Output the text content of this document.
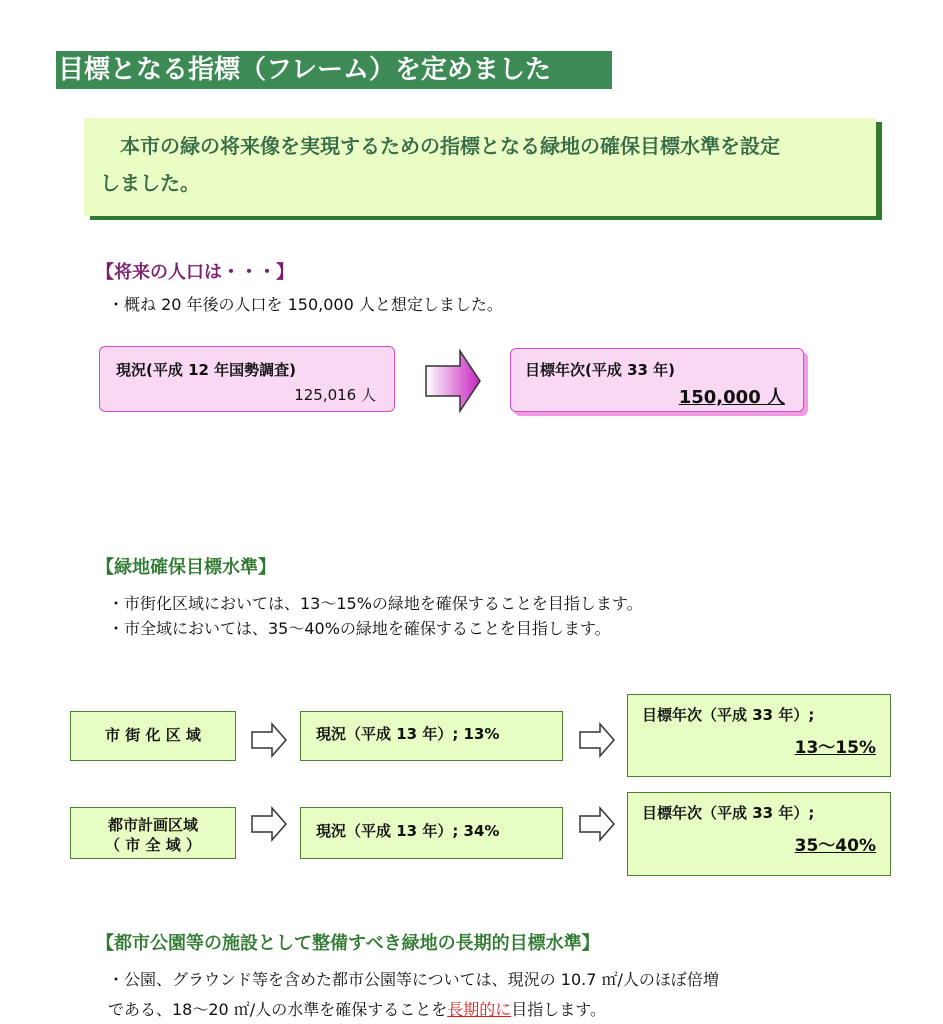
目標となる指標（フレーム）を定めました
本市の緑の将来像を実現するための指標となる緑地の確保目標水準を設定
しました。
【将来の人口は・・・】
・概ね 20 年後の人口を 150,000 人と想定しました。
現況(平成 12 年国勢調査)
125,016 人
目標年次(平成 33 年)
150,000 人
【緑地確保目標水準】
・市街化区域においては、13～15%の緑地を確保することを目指します。
・市全域においては、35～40%の緑地を確保することを目指します。
市 街 化 区 域	現況（平成 13 年）; 13%
目標年次（平成 33 年）;
13～15%
都市計画区域
（ 市 全 域 ）
現況（平成 13 年）; 34%
目標年次（平成 33 年）;
35～40%
【都市公園等の施設として整備すべき緑地の長期的目標水準】
・公園、グラウンド等を含めた都市公園等については、現況の 10.7 ㎡/人のほぼ倍増
である、18～20 ㎡/人の水準を確保することを長期的に目指します。
